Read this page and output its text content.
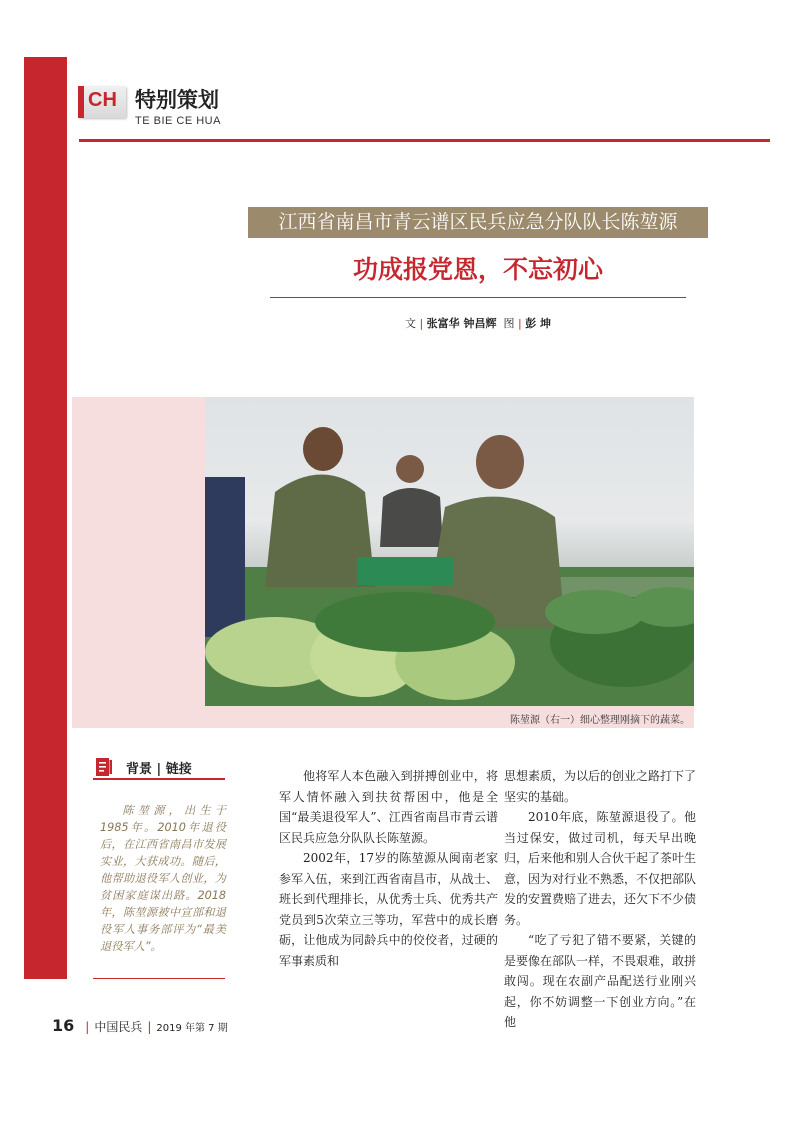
CH 特别策划
TE BIE CE HUA
江西省南昌市青云谱区民兵应急分队队长陈堃源
功成报党恩，不忘初心
文 | 张富华 钟昌辉 图 | 彭 坤
陈堃源（右一）细心整理刚摘下的蔬菜。
背景 | 链接
陈堃源，出生于1985年。2010年退役后，在江西省南昌市发展实业，大获成功。随后，他帮助退役军人创业，为贫困家庭谋出路。2018年，陈堃源被中宣部和退役军人事务部评为“最美退役军人”。

他将军人本色融入到拼搏创业中，将军人情怀融入到扶贫帮困中，他是全国“最美退役军人”、江西省南昌市青云谱区民兵应急分队队长陈堃源。

2002年，17岁的陈堃源从闽南老家参军入伍，来到江西省南昌市，从战士、班长到代理排长，从优秀士兵、优秀共产党员到5次荣立三等功，军营中的成长磨砺，让他成为同龄兵中的佼佼者，过硬的军事素质和

思想素质，为以后的创业之路打下了坚实的基础。

2010年底，陈堃源退役了。他当过保安，做过司机，每天早出晚归，后来他和别人合伙干起了茶叶生意，因为对行业不熟悉，不仅把部队发的安置费赔了进去，还欠下不少债务。

“吃了亏犯了错不要紧，关键的是要像在部队一样，不畏艰难，敢拼敢闯。现在农副产品配送行业刚兴起，你不妨调整一下创业方向。”在他

16 | 中国民兵 | 2019 年第 7 期
